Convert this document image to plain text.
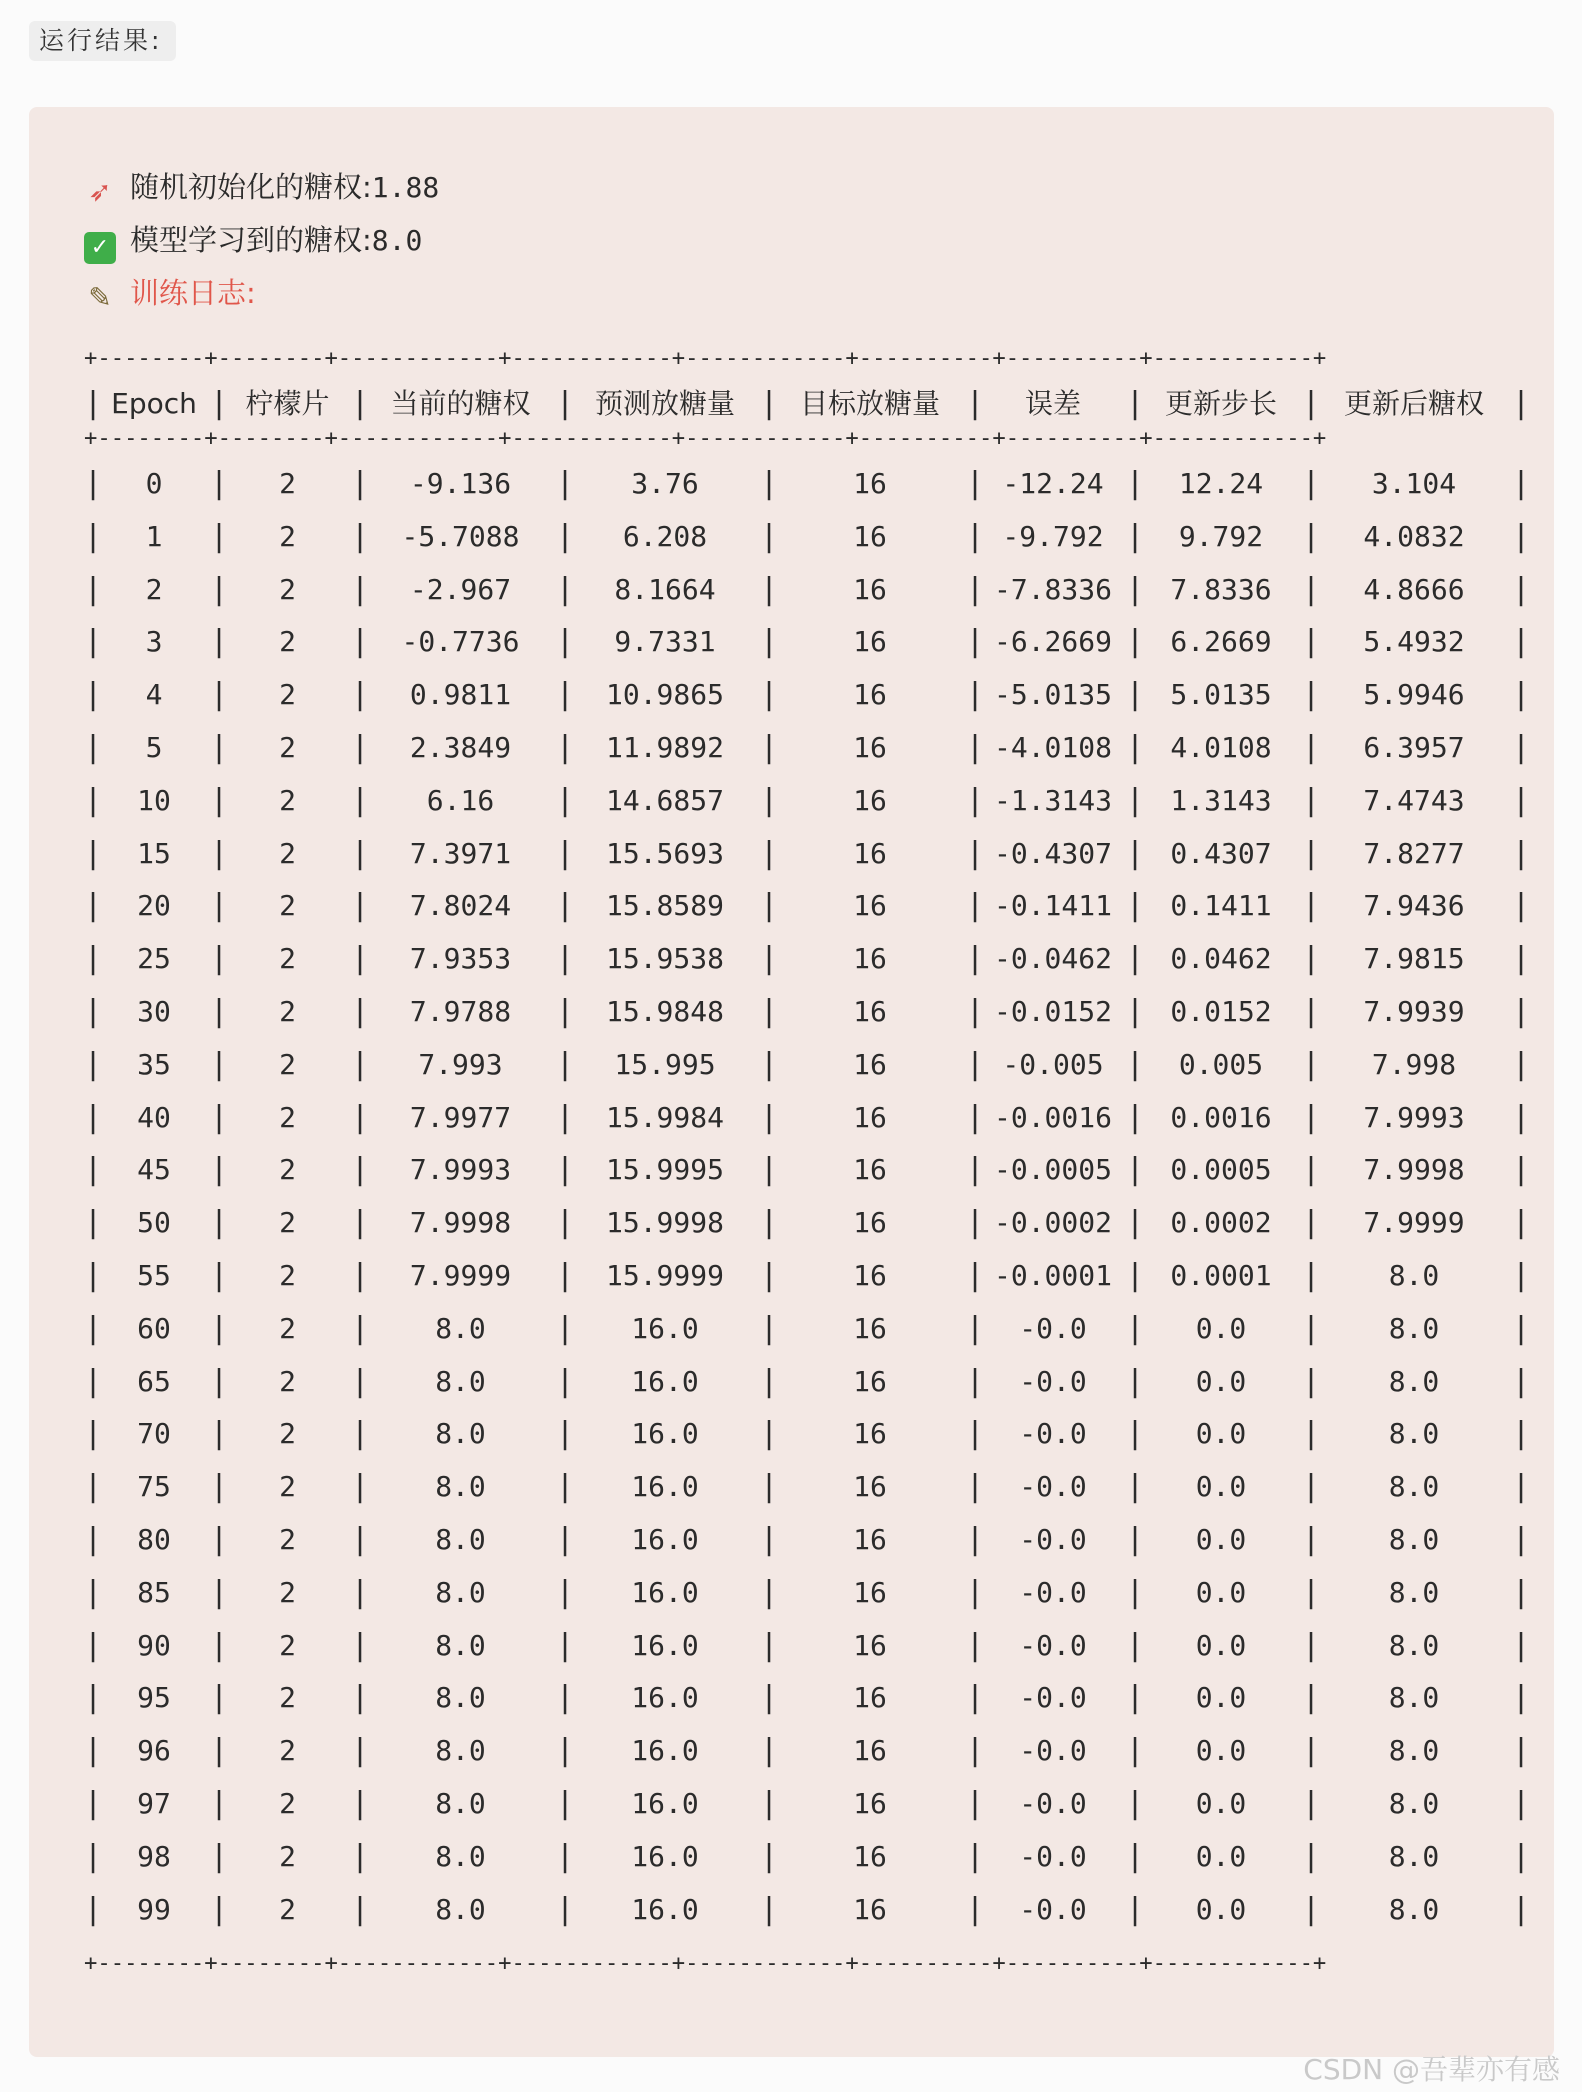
运行结果:
➶ 随机初始化的糖权:1.88
✓ 模型学习到的糖权:8.0
✎ 训练日志:
+--------+--------+------------+------------+------------+----------+----------+------------+
|	|	|	|	|	|	|	|	|
Epoch	柠檬片	当前的糖权	预测放糖量	目标放糖量	误差	更新步长	更新后糖权
+--------+--------+------------+------------+------------+----------+----------+------------+
|	|	|	|	|	|	|	|	|
0	2	-9.136	3.76	16	-12.24	12.24	3.104
|	|	|	|	|	|	|	|	|
1	2	-5.7088	6.208	16	-9.792	9.792	4.0832
|	|	|	|	|	|	|	|	|
2	2	-2.967	8.1664	16	-7.8336	7.8336	4.8666
|	|	|	|	|	|	|	|	|
3	2	-0.7736	9.7331	16	-6.2669	6.2669	5.4932
|	|	|	|	|	|	|	|	|
4	2	0.9811	10.9865	16	-5.0135	5.0135	5.9946
|	|	|	|	|	|	|	|	|
5	2	2.3849	11.9892	16	-4.0108	4.0108	6.3957
|	|	|	|	|	|	|	|	|
10	2	6.16	14.6857	16	-1.3143	1.3143	7.4743
|	|	|	|	|	|	|	|	|
15	2	7.3971	15.5693	16	-0.4307	0.4307	7.8277
|	|	|	|	|	|	|	|	|
20	2	7.8024	15.8589	16	-0.1411	0.1411	7.9436
|	|	|	|	|	|	|	|	|
25	2	7.9353	15.9538	16	-0.0462	0.0462	7.9815
|	|	|	|	|	|	|	|	|
30	2	7.9788	15.9848	16	-0.0152	0.0152	7.9939
|	|	|	|	|	|	|	|	|
35	2	7.993	15.995	16	-0.005	0.005	7.998
|	|	|	|	|	|	|	|	|
40	2	7.9977	15.9984	16	-0.0016	0.0016	7.9993
|	|	|	|	|	|	|	|	|
45	2	7.9993	15.9995	16	-0.0005	0.0005	7.9998
|	|	|	|	|	|	|	|	|
50	2	7.9998	15.9998	16	-0.0002	0.0002	7.9999
|	|	|	|	|	|	|	|	|
55	2	7.9999	15.9999	16	-0.0001	0.0001	8.0
|	|	|	|	|	|	|	|	|
60	2	8.0	16.0	16	-0.0	0.0	8.0
|	|	|	|	|	|	|	|	|
65	2	8.0	16.0	16	-0.0	0.0	8.0
|	|	|	|	|	|	|	|	|
70	2	8.0	16.0	16	-0.0	0.0	8.0
|	|	|	|	|	|	|	|	|
75	2	8.0	16.0	16	-0.0	0.0	8.0
|	|	|	|	|	|	|	|	|
80	2	8.0	16.0	16	-0.0	0.0	8.0
|	|	|	|	|	|	|	|	|
85	2	8.0	16.0	16	-0.0	0.0	8.0
|	|	|	|	|	|	|	|	|
90	2	8.0	16.0	16	-0.0	0.0	8.0
|	|	|	|	|	|	|	|	|
95	2	8.0	16.0	16	-0.0	0.0	8.0
|	|	|	|	|	|	|	|	|
96	2	8.0	16.0	16	-0.0	0.0	8.0
|	|	|	|	|	|	|	|	|
97	2	8.0	16.0	16	-0.0	0.0	8.0
|	|	|	|	|	|	|	|	|
98	2	8.0	16.0	16	-0.0	0.0	8.0
|	|	|	|	|	|	|	|	|
99	2	8.0	16.0	16	-0.0	0.0	8.0
+--------+--------+------------+------------+------------+----------+----------+------------+
CSDN @吾辈亦有感
